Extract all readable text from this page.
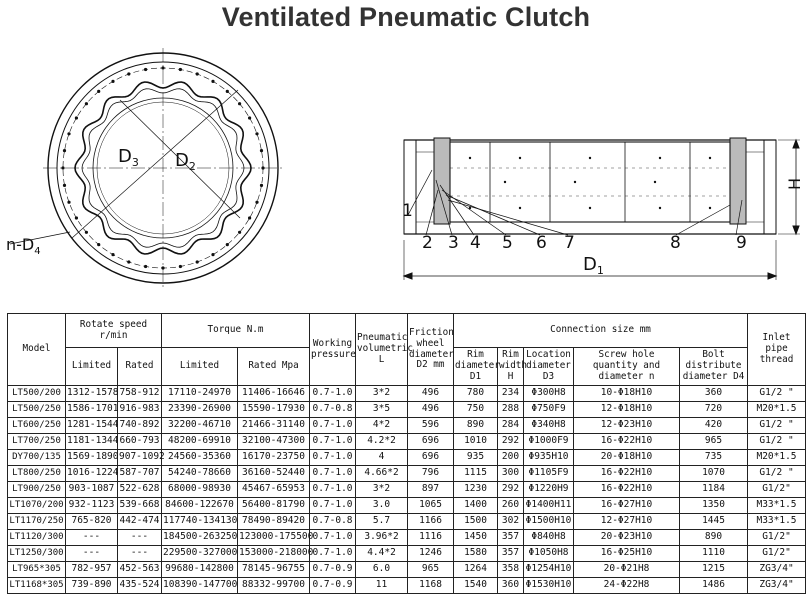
Ventilated Pneumatic Clutch
$D_3$ $D_2$
$n-D_4$
1
2 3 4 5 6 7	8	9
$D_1$
H
Model	Rotate speed r/min		Torque N.m		Working pressure	Pneumatic volumetric L	Friction wheel diameter D2 mm	Connection size mm					Inlet pipe thread
	Limited	Rated	Limited	Rated Mpa				Rim diameter D1	Rim width H	Location diameter D3	Screw hole quantity and diameter n	Bolt distribute diameter D4	
LT500/200	1312-1578	758-912	17110-24970	11406-16646	0.7-1.0	3*2	496	780	234	Φ300H8	10-Φ18H10	360	G1/2 "
LT500/250	1586-1701	916-983	23390-26900	15590-17930	0.7-0.8	3*5	496	750	288	Φ750F9	12-Φ18H10	720	M20*1.5
LT600/250	1281-1544	740-892	32200-46710	21466-31140	0.7-1.0	4*2	596	890	284	Φ340H8	12-Φ23H10	420	G1/2 "
LT700/250	1181-1344	660-793	48200-69910	32100-47300	0.7-1.0	4.2*2	696	1010	292	Φ1000F9	16-Φ22H10	965	G1/2 "
DY700/135	1569-1890	907-1092	24560-35360	16170-23750	0.7-1.0	4	696	935	200	Φ935H10	20-Φ18H10	735	M20*1.5
LT800/250	1016-1224	587-707	54240-78660	36160-52440	0.7-1.0	4.66*2	796	1115	300	Φ1105F9	16-Φ22H10	1070	G1/2 "
LT900/250	903-1087	522-628	68000-98930	45467-65953	0.7-1.0	3*2	897	1230	292	Φ1220H9	16-Φ22H10	1184	G1/2"
LT1070/200	932-1123	539-668	84600-122670	56400-81790	0.7-1.0	3.0	1065	1400	260	Φ1400H11	16-Φ27H10	1350	M33*1.5
LT1170/250	765-820	442-474	117740-134130	78490-89420	0.7-0.8	5.7	1166	1500	302	Φ1500H10	12-Φ27H10	1445	M33*1.5
LT1120/300	---	---	184500-263250	123000-175500	0.7-1.0	3.96*2	1116	1450	357	Φ840H8	20-Φ23H10	890	G1/2"
LT1250/300	---	---	229500-327000	153000-218000	0.7-1.0	4.4*2	1246	1580	357	Φ1050H8	16-Φ25H10	1110	G1/2"
LT965*305	782-957	452-563	99680-142800	78145-96755	0.7-0.9	6.0	965	1264	358	Φ1254H10	20-Φ21H8	1215	ZG3/4"
LT1168*305	739-890	435-524	108390-147700	88332-99700	0.7-0.9	11	1168	1540	360	Φ1530H10	24-Φ22H8	1486	ZG3/4"
